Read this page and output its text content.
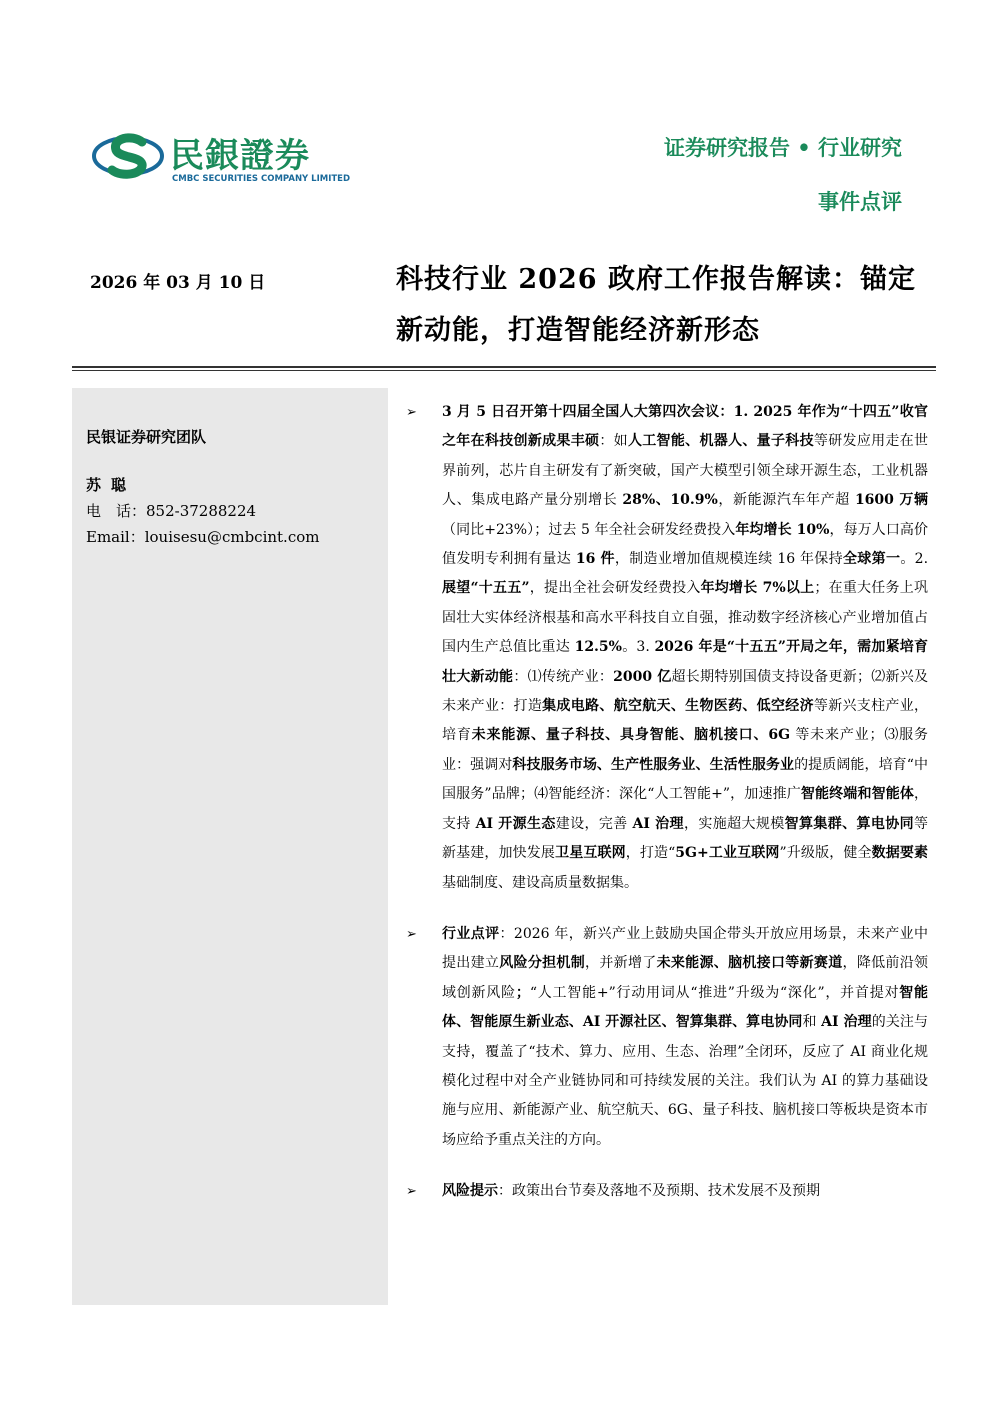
民銀證券
CMBC SECURITIES COMPANY LIMITED
证券研究报告 • 行业研究
事件点评
2026 年 03 月 10 日	科技行业 2026 政府工作报告解读：锚定新动能，打造智能经济新形态
民银证券研究团队
苏聪
电　话：852-37288224
Email：louisesu@cmbcint.com
➢ 3 月 5 日召开第十四届全国人大第四次会议：1. 2025 年作为“十四五”收官之年在科技创新成果丰硕：如人工智能、机器人、量子科技等研发应用走在世界前列，芯片自主研发有了新突破，国产大模型引领全球开源生态，工业机器人、集成电路产量分别增长 28%、10.9%，新能源汽车年产超 1600 万辆（同比+23%）；过去 5 年全社会研发经费投入年均增长 10%，每万人口高价值发明专利拥有量达 16 件，制造业增加值规模连续 16 年保持全球第一。2.展望“十五五”，提出全社会研发经费投入年均增长 7%以上；在重大任务上巩固壮大实体经济根基和高水平科技自立自强，推动数字经济核心产业增加值占国内生产总值比重达 12.5%。3. 2026 年是“十五五”开局之年，需加紧培育壮大新动能：⑴传统产业：2000 亿超长期特别国债支持设备更新；⑵新兴及未来产业：打造集成电路、航空航天、生物医药、低空经济等新兴支柱产业，培育未来能源、量子科技、具身智能、脑机接口、6G 等未来产业；⑶服务业：强调对科技服务市场、生产性服务业、生活性服务业的提质阔能，培育“中国服务”品牌；⑷智能经济：深化“人工智能+”，加速推广智能终端和智能体，支持 AI 开源生态建设，完善 AI 治理，实施超大规模智算集群、算电协同等新基建，加快发展卫星互联网，打造“5G+工业互联网”升级版，健全数据要素基础制度、建设高质量数据集。
➢ 行业点评：2026 年，新兴产业上鼓励央国企带头开放应用场景，未来产业中提出建立风险分担机制，并新增了未来能源、脑机接口等新赛道，降低前沿领域创新风险；“人工智能+”行动用词从“推进”升级为“深化”，并首提对智能体、智能原生新业态、AI 开源社区、智算集群、算电协同和 AI 治理的关注与支持，覆盖了“技术、算力、应用、生态、治理”全闭环，反应了 AI 商业化规模化过程中对全产业链协同和可持续发展的关注。我们认为 AI 的算力基础设施与应用、新能源产业、航空航天、6G、量子科技、脑机接口等板块是资本市场应给予重点关注的方向。
➢ 风险提示：政策出台节奏及落地不及预期、技术发展不及预期
